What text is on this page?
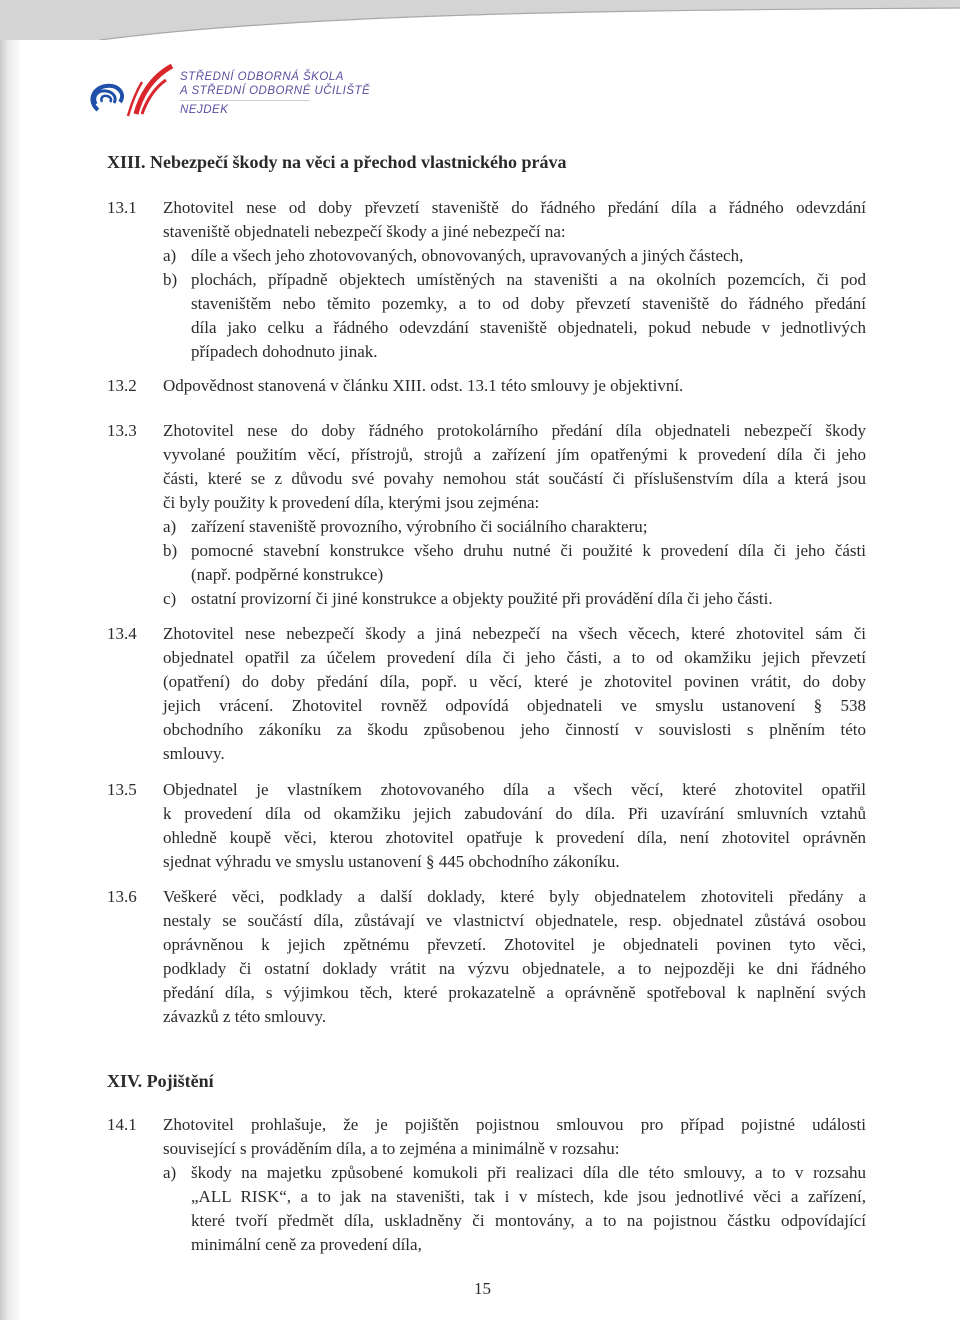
STŘEDNÍ ODBORNÁ ŠKOLA
A STŘEDNÍ ODBORNÉ UČILIŠTĚ
NEJDEK
XIII. Nebezpečí škody na věci a přechod vlastnického práva
13.1 Zhotovitel nese od doby převzetí staveniště do řádného předání díla a řádného odevzdání
staveniště objednateli nebezpečí škody a jiné nebezpečí na:
a) díle a všech jeho zhotovovaných, obnovovaných, upravovaných a jiných částech,
b) plochách, případně objektech umístěných na staveništi a na okolních pozemcích, či pod
staveništěm nebo těmito pozemky, a to od doby převzetí staveniště do řádného předání
díla jako celku a řádného odevzdání staveniště objednateli, pokud nebude v jednotlivých
případech dohodnuto jinak.
13.2 Odpovědnost stanovená v článku XIII. odst. 13.1 této smlouvy je objektivní.
13.3 Zhotovitel nese do doby řádného protokolárního předání díla objednateli nebezpečí škody
vyvolané použitím věcí, přístrojů, strojů a zařízení jím opatřenými k provedení díla či jeho
části, které se z důvodu své povahy nemohou stát součástí či příslušenstvím díla a která jsou
či byly použity k provedení díla, kterými jsou zejména:
a) zařízení staveniště provozního, výrobního či sociálního charakteru;
b) pomocné stavební konstrukce všeho druhu nutné či použité k provedení díla či jeho části
(např. podpěrné konstrukce)
c) ostatní provizorní či jiné konstrukce a objekty použité při provádění díla či jeho části.
13.4 Zhotovitel nese nebezpečí škody a jiná nebezpečí na všech věcech, které zhotovitel sám či
objednatel opatřil za účelem provedení díla či jeho části, a to od okamžiku jejich převzetí
(opatření) do doby předání díla, popř. u věcí, které je zhotovitel povinen vrátit, do doby
jejich vrácení. Zhotovitel rovněž odpovídá objednateli ve smyslu ustanovení § 538
obchodního zákoníku za škodu způsobenou jeho činností v souvislosti s plněním této
smlouvy.
13.5 Objednatel je vlastníkem zhotovovaného díla a všech věcí, které zhotovitel opatřil
k provedení díla od okamžiku jejich zabudování do díla. Při uzavírání smluvních vztahů
ohledně koupě věci, kterou zhotovitel opatřuje k provedení díla, není zhotovitel oprávněn
sjednat výhradu ve smyslu ustanovení § 445 obchodního zákoníku.
13.6 Veškeré věci, podklady a další doklady, které byly objednatelem zhotoviteli předány a
nestaly se součástí díla, zůstávají ve vlastnictví objednatele, resp. objednatel zůstává osobou
oprávněnou k jejich zpětnému převzetí. Zhotovitel je objednateli povinen tyto věci,
podklady či ostatní doklady vrátit na výzvu objednatele, a to nejpozději ke dni řádného
předání díla, s výjimkou těch, které prokazatelně a oprávněně spotřeboval k naplnění svých
závazků z této smlouvy.
XIV. Pojištění
14.1 Zhotovitel prohlašuje, že je pojištěn pojistnou smlouvou pro případ pojistné události
související s prováděním díla, a to zejména a minimálně v rozsahu:
a) škody na majetku způsobené komukoli při realizaci díla dle této smlouvy, a to v rozsahu
„ALL RISK“, a to jak na staveništi, tak i v místech, kde jsou jednotlivé věci a zařízení,
které tvoří předmět díla, uskladněny či montovány, a to na pojistnou částku odpovídající
minimální ceně za provedení díla,
15
